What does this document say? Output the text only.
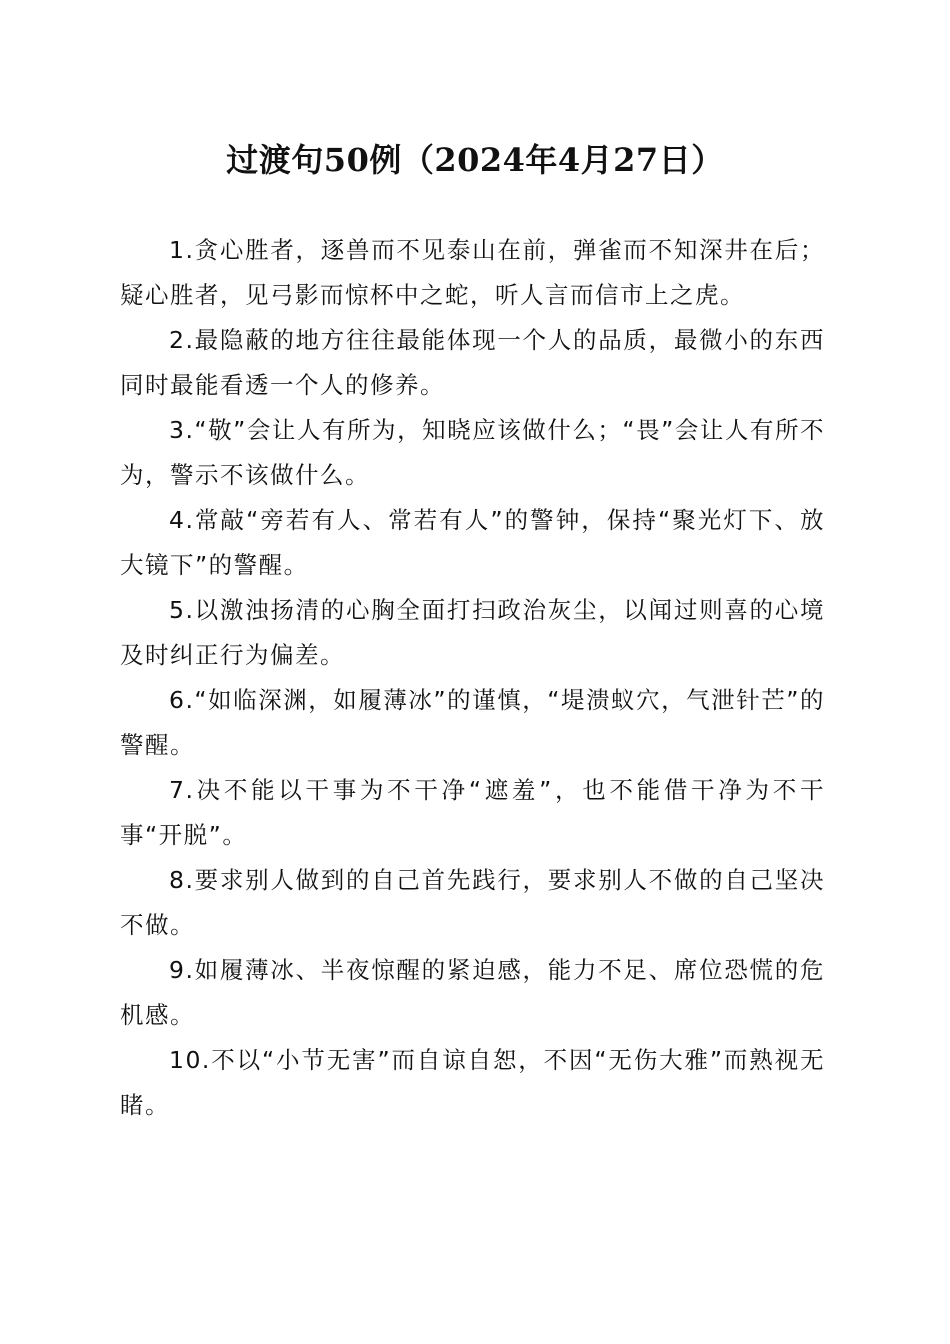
过渡句50例（2024年4月27日）
1.贪心胜者，逐兽而不见泰山在前，弹雀而不知深井在后；疑心胜者，见弓影而惊杯中之蛇，听人言而信市上之虎。
2.最隐蔽的地方往往最能体现一个人的品质，最微小的东西同时最能看透一个人的修养。
3.“敬”会让人有所为，知晓应该做什么；“畏”会让人有所不为，警示不该做什么。
4.常敲“旁若有人、常若有人”的警钟，保持“聚光灯下、放大镜下”的警醒。
5.以激浊扬清的心胸全面打扫政治灰尘，以闻过则喜的心境及时纠正行为偏差。
6.“如临深渊，如履薄冰”的谨慎，“堤溃蚁穴，气泄针芒”的警醒。
7.决不能以干事为不干净“遮羞”，也不能借干净为不干事“开脱”。
8.要求别人做到的自己首先践行，要求别人不做的自己坚决不做。
9.如履薄冰、半夜惊醒的紧迫感，能力不足、席位恐慌的危机感。
10.不以“小节无害”而自谅自恕，不因“无伤大雅”而熟视无睹。
